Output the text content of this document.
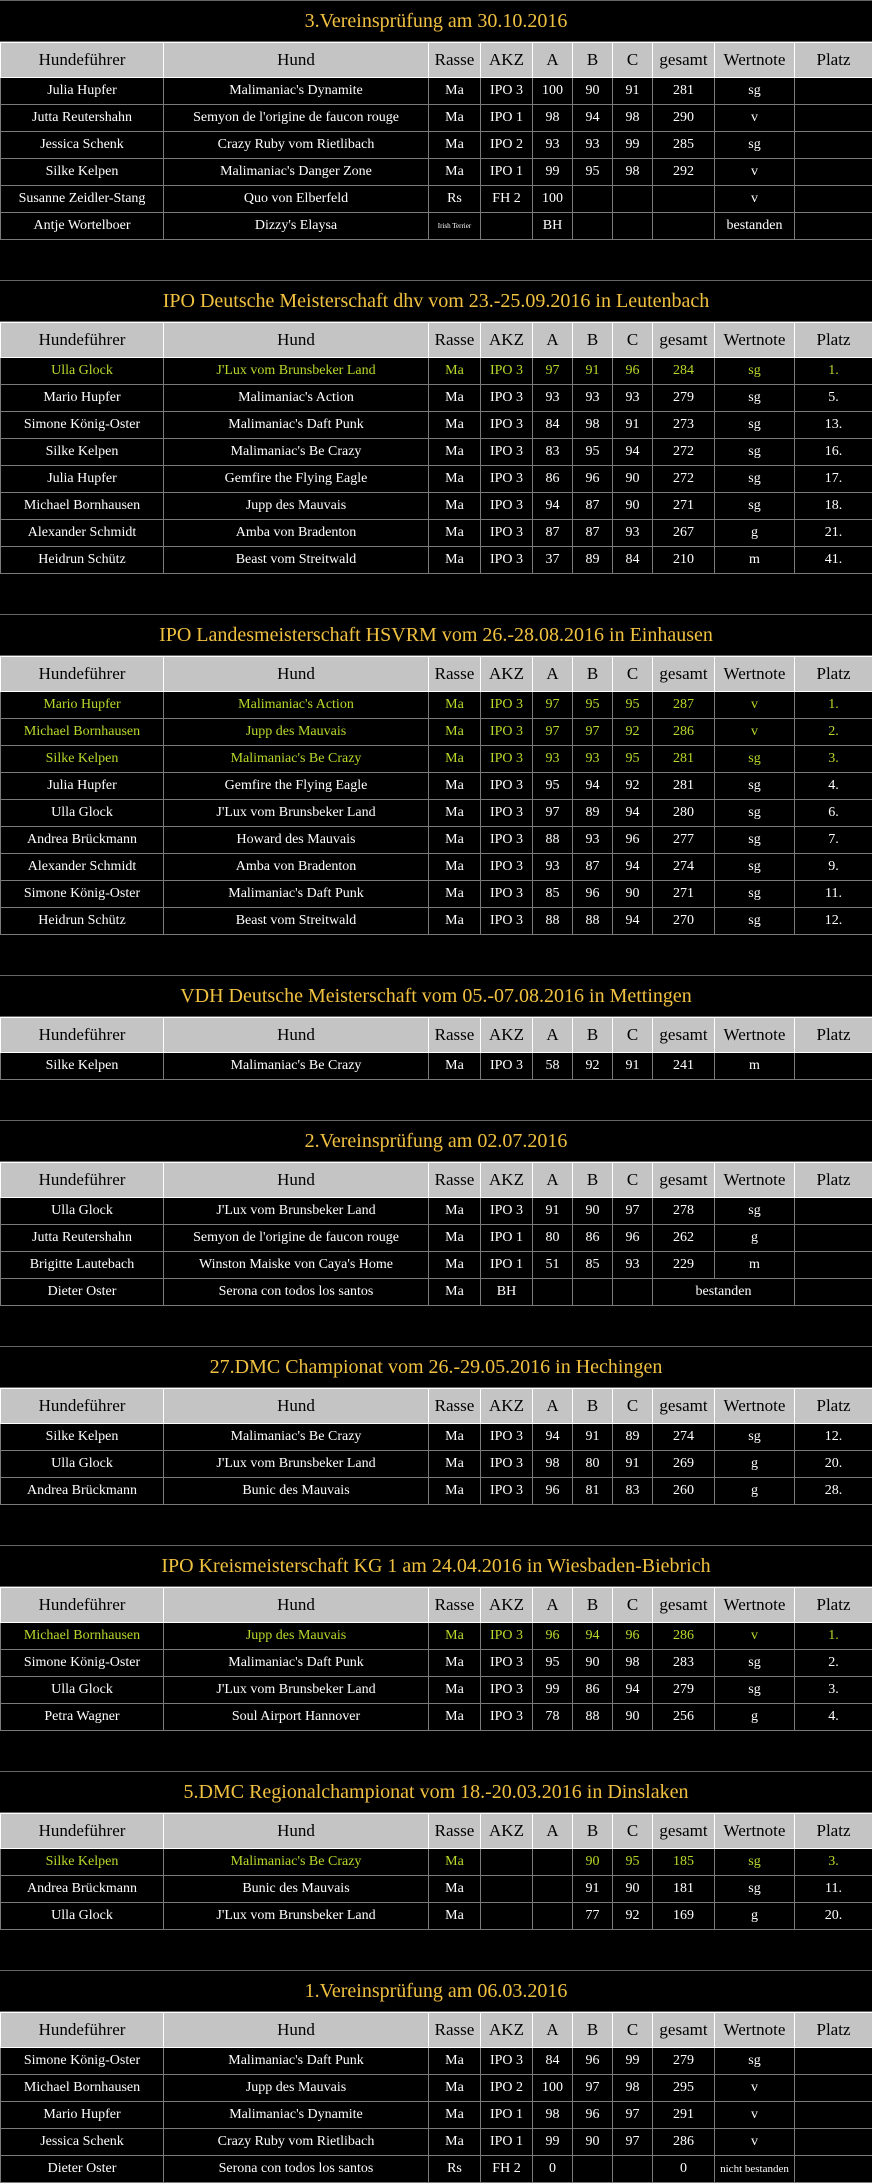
3.Vereinsprüfung am 30.10.2016
Hundeführer	Hund	Rasse	AKZ	A	B	C	gesamt	Wertnote	Platz
Julia Hupfer	Malimaniac's Dynamite	Ma	IPO 3	100	90	91	281	sg	
Jutta Reutershahn	Semyon de l'origine de faucon rouge	Ma	IPO 1	98	94	98	290	v	
Jessica Schenk	Crazy Ruby vom Rietlibach	Ma	IPO 2	93	93	99	285	sg	
Silke Kelpen	Malimaniac's Danger Zone	Ma	IPO 1	99	95	98	292	v	
Susanne Zeidler-Stang	Quo von Elberfeld	Rs	FH 2	100				v	
Antje Wortelboer	Dizzy's Elaysa	Irish Terrier		BH				bestanden	
IPO Deutsche Meisterschaft dhv vom 23.-25.09.2016 in Leutenbach
Hundeführer	Hund	Rasse	AKZ	A	B	C	gesamt	Wertnote	Platz
Ulla Glock	J'Lux vom Brunsbeker Land	Ma	IPO 3	97	91	96	284	sg	1.
Mario Hupfer	Malimaniac's Action	Ma	IPO 3	93	93	93	279	sg	5.
Simone König-Oster	Malimaniac's Daft Punk	Ma	IPO 3	84	98	91	273	sg	13.
Silke Kelpen	Malimaniac's Be Crazy	Ma	IPO 3	83	95	94	272	sg	16.
Julia Hupfer	Gemfire the Flying Eagle	Ma	IPO 3	86	96	90	272	sg	17.
Michael Bornhausen	Jupp des Mauvais	Ma	IPO 3	94	87	90	271	sg	18.
Alexander Schmidt	Amba von Bradenton	Ma	IPO 3	87	87	93	267	g	21.
Heidrun Schütz	Beast vom Streitwald	Ma	IPO 3	37	89	84	210	m	41.
IPO Landesmeisterschaft HSVRM vom 26.-28.08.2016 in Einhausen
Hundeführer	Hund	Rasse	AKZ	A	B	C	gesamt	Wertnote	Platz
Mario Hupfer	Malimaniac's Action	Ma	IPO 3	97	95	95	287	v	1.
Michael Bornhausen	Jupp des Mauvais	Ma	IPO 3	97	97	92	286	v	2.
Silke Kelpen	Malimaniac's Be Crazy	Ma	IPO 3	93	93	95	281	sg	3.
Julia Hupfer	Gemfire the Flying Eagle	Ma	IPO 3	95	94	92	281	sg	4.
Ulla Glock	J'Lux vom Brunsbeker Land	Ma	IPO 3	97	89	94	280	sg	6.
Andrea Brückmann	Howard des Mauvais	Ma	IPO 3	88	93	96	277	sg	7.
Alexander Schmidt	Amba von Bradenton	Ma	IPO 3	93	87	94	274	sg	9.
Simone König-Oster	Malimaniac's Daft Punk	Ma	IPO 3	85	96	90	271	sg	11.
Heidrun Schütz	Beast vom Streitwald	Ma	IPO 3	88	88	94	270	sg	12.
VDH Deutsche Meisterschaft vom 05.-07.08.2016 in Mettingen
Hundeführer	Hund	Rasse	AKZ	A	B	C	gesamt	Wertnote	Platz
Silke Kelpen	Malimaniac's Be Crazy	Ma	IPO 3	58	92	91	241	m	
2.Vereinsprüfung am 02.07.2016
Hundeführer	Hund	Rasse	AKZ	A	B	C	gesamt	Wertnote	Platz
Ulla Glock	J'Lux vom Brunsbeker Land	Ma	IPO 3	91	90	97	278	sg	
Jutta Reutershahn	Semyon de l'origine de faucon rouge	Ma	IPO 1	80	86	96	262	g	
Brigitte Lautebach	Winston Maiske von Caya's Home	Ma	IPO 1	51	85	93	229	m	
Dieter Oster	Serona con todos los santos	Ma	BH				bestanden		
27.DMC Championat vom 26.-29.05.2016 in Hechingen
Hundeführer	Hund	Rasse	AKZ	A	B	C	gesamt	Wertnote	Platz
Silke Kelpen	Malimaniac's Be Crazy	Ma	IPO 3	94	91	89	274	sg	12.
Ulla Glock	J'Lux vom Brunsbeker Land	Ma	IPO 3	98	80	91	269	g	20.
Andrea Brückmann	Bunic des Mauvais	Ma	IPO 3	96	81	83	260	g	28.
IPO Kreismeisterschaft KG 1 am 24.04.2016 in Wiesbaden-Biebrich
Hundeführer	Hund	Rasse	AKZ	A	B	C	gesamt	Wertnote	Platz
Michael Bornhausen	Jupp des Mauvais	Ma	IPO 3	96	94	96	286	v	1.
Simone König-Oster	Malimaniac's Daft Punk	Ma	IPO 3	95	90	98	283	sg	2.
Ulla Glock	J'Lux vom Brunsbeker Land	Ma	IPO 3	99	86	94	279	sg	3.
Petra Wagner	Soul Airport Hannover	Ma	IPO 3	78	88	90	256	g	4.
5.DMC Regionalchampionat vom 18.-20.03.2016 in Dinslaken
Hundeführer	Hund	Rasse	AKZ	A	B	C	gesamt	Wertnote	Platz
Silke Kelpen	Malimaniac's Be Crazy	Ma			90	95	185	sg	3.
Andrea Brückmann	Bunic des Mauvais	Ma			91	90	181	sg	11.
Ulla Glock	J'Lux vom Brunsbeker Land	Ma			77	92	169	g	20.
1.Vereinsprüfung am 06.03.2016
Hundeführer	Hund	Rasse	AKZ	A	B	C	gesamt	Wertnote	Platz
Simone König-Oster	Malimaniac's Daft Punk	Ma	IPO 3	84	96	99	279	sg	
Michael Bornhausen	Jupp des Mauvais	Ma	IPO 2	100	97	98	295	v	
Mario Hupfer	Malimaniac's Dynamite	Ma	IPO 1	98	96	97	291	v	
Jessica Schenk	Crazy Ruby vom Rietlibach	Ma	IPO 1	99	90	97	286	v	
Dieter Oster	Serona con todos los santos	Rs	FH 2	0			0	nicht bestanden	
